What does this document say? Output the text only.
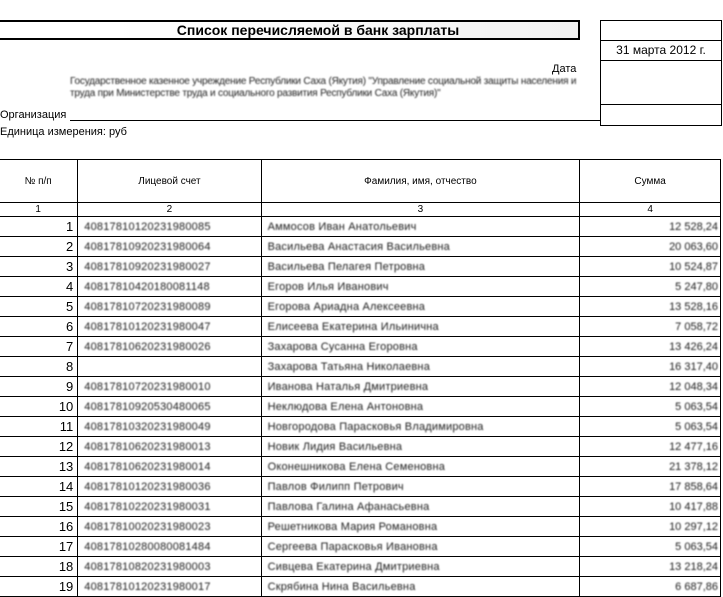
Список перечисляемой в банк зарплаты
31 марта 2012 г.
Дата
Организация
Государственное казенное учреждение Республики Саха (Якутия) "Управление социальной защиты населения и труда при Министерстве труда и социального развития Республики Саха (Якутия)"
Единица измерения: руб
№ п/п	Лицевой счет	Фамилия, имя, отчество	Сумма
1	2	3	4
1	40817810120231980085	Аммосов Иван Анатольевич	12 528,24

2	40817810920231980064	Васильева Анастасия Васильевна	20 063,60

3	40817810920231980027	Васильева Пелагея Петровна	10 524,87

4	40817810420180081148	Егоров Илья Иванович	5 247,80

5	40817810720231980089	Егорова Ариадна Алексеевна	13 528,16

6	40817810120231980047	Елисеева Екатерина Ильинична	7 058,72

7	40817810620231980026	Захарова Сусанна Егоровна	13 426,24

8		Захарова Татьяна Николаевна	16 317,40

9	40817810720231980010	Иванова Наталья Дмитриевна	12 048,34

10	40817810920530480065	Неклюдова Елена Антоновна	5 063,54

11	40817810320231980049	Новгородова Парасковья Владимировна	5 063,54

12	40817810620231980013	Новик Лидия Васильевна	12 477,16

13	40817810620231980014	Оконешникова Елена Семеновна	21 378,12

14	40817810120231980036	Павлов Филипп Петрович	17 858,64

15	40817810220231980031	Павлова Галина Афанасьевна	10 417,88

16	40817810020231980023	Решетникова Мария Романовна	10 297,12

17	40817810280080081484	Сергеева Парасковья Ивановна	5 063,54

18	40817810820231980003	Сивцева Екатерина Дмитриевна	13 218,24

19	40817810120231980017	Скрябина Нина Васильевна	6 687,86
